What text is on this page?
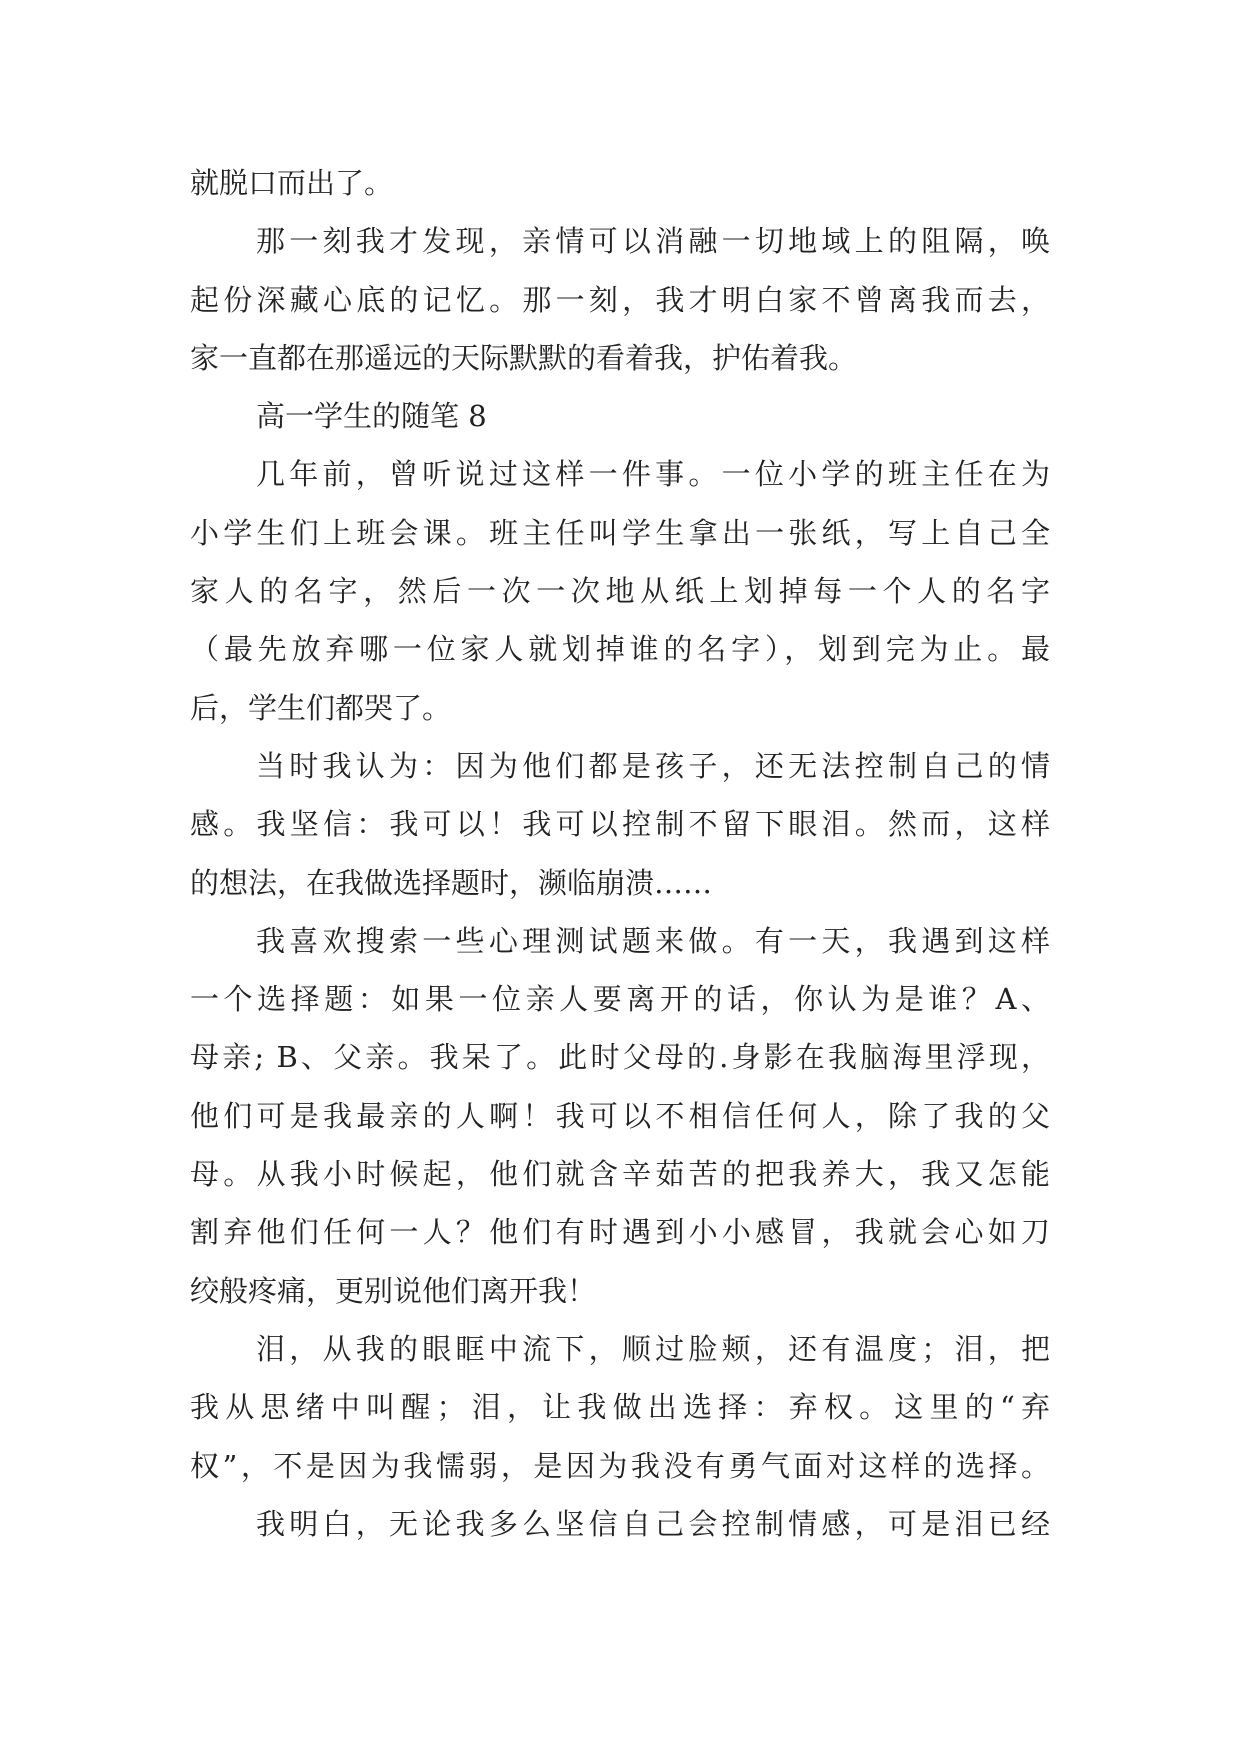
就脱口而出了。
那一刻我才发现，亲情可以消融一切地域上的阻隔，唤
起份深藏心底的记忆。那一刻，我才明白家不曾离我而去，
家一直都在那遥远的天际默默的看着我，护佑着我。
高一学生的随笔 8
几年前，曾听说过这样一件事。一位小学的班主任在为
小学生们上班会课。班主任叫学生拿出一张纸，写上自己全
家人的名字，然后一次一次地从纸上划掉每一个人的名字
（最先放弃哪一位家人就划掉谁的名字），划到完为止。最
后，学生们都哭了。
当时我认为：因为他们都是孩子，还无法控制自己的情
感。我坚信：我可以！我可以控制不留下眼泪。然而，这样
的想法，在我做选择题时，濒临崩溃……
我喜欢搜索一些心理测试题来做。有一天，我遇到这样
一个选择题：如果一位亲人要离开的话，你认为是谁？A、
母亲; B、父亲。我呆了。此时父母的.身影在我脑海里浮现，
他们可是我最亲的人啊！我可以不相信任何人，除了我的父
母。从我小时候起，他们就含辛茹苦的把我养大，我又怎能
割弃他们任何一人？他们有时遇到小小感冒，我就会心如刀
绞般疼痛，更别说他们离开我！
泪，从我的眼眶中流下，顺过脸颊，还有温度；泪，把
我从思绪中叫醒；泪，让我做出选择：弃权。这里的“弃
权”，不是因为我懦弱，是因为我没有勇气面对这样的选择。
我明白，无论我多么坚信自己会控制情感，可是泪已经
